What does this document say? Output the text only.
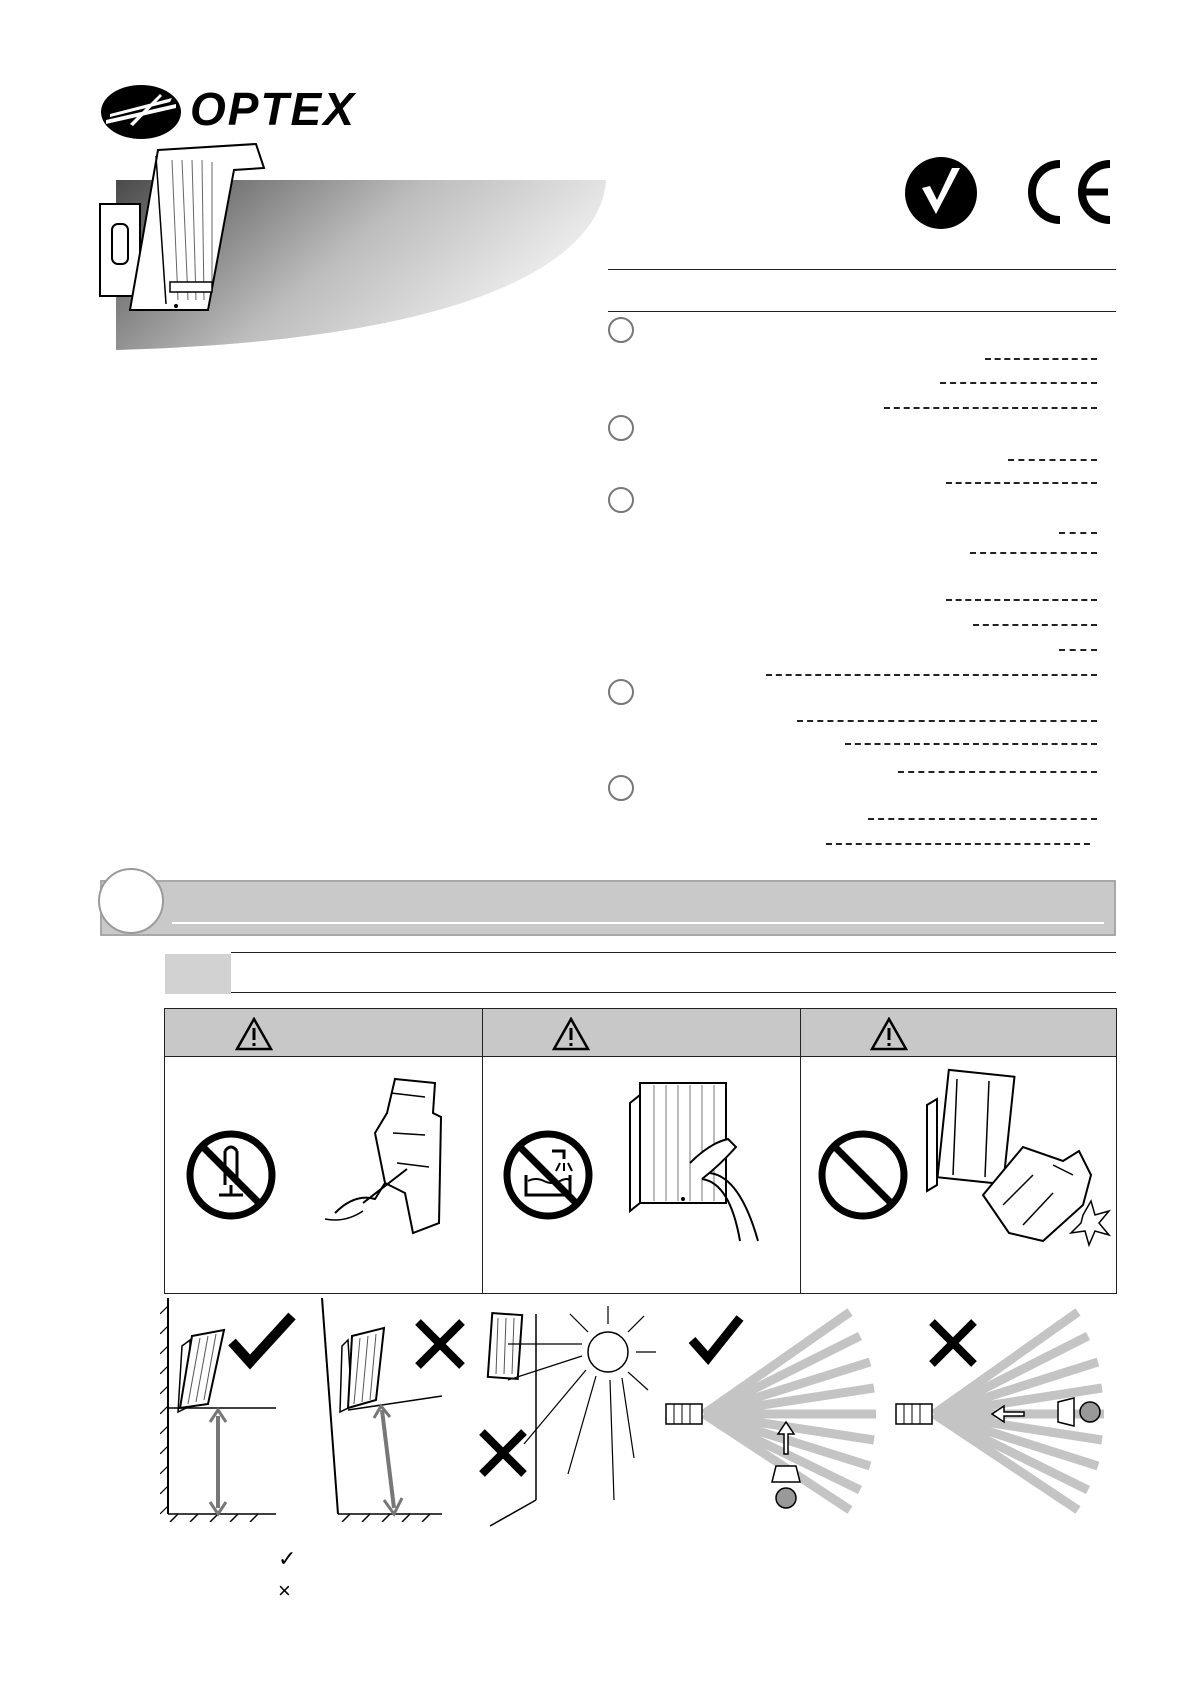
OPTEX
✓
×
